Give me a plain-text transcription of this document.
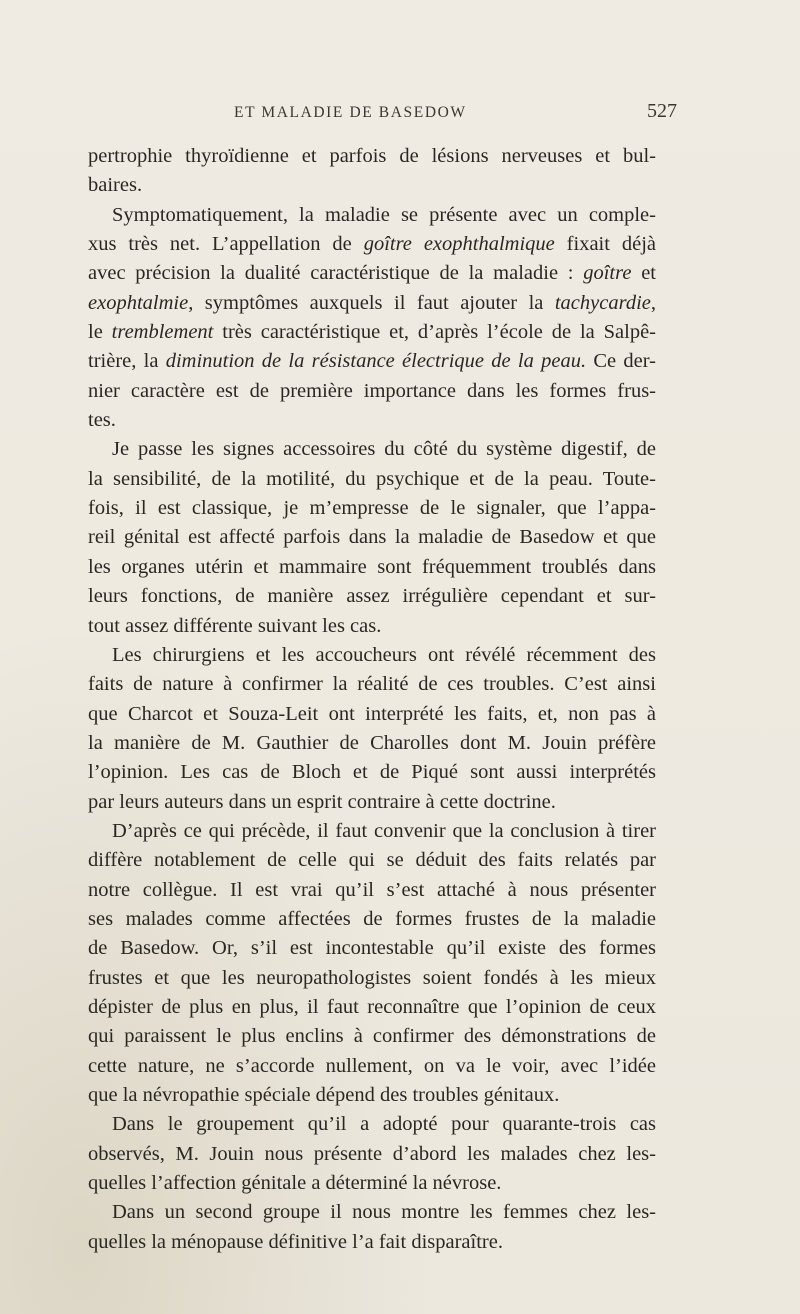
ET MALADIE DE BASEDOW	527
pertrophie thyroïdienne et parfois de lésions nerveuses et bul-
baires.
Symptomatiquement, la maladie se présente avec un comple-
xus très net. L’appellation de goître exophthalmique fixait déjà
avec précision la dualité caractéristique de la maladie : goître et
exophtalmie, symptômes auxquels il faut ajouter la tachycardie,
le tremblement très caractéristique et, d’après l’école de la Salpê-
trière, la diminution de la résistance électrique de la peau. Ce der-
nier caractère est de première importance dans les formes frus-
tes.
Je passe les signes accessoires du côté du système digestif, de
la sensibilité, de la motilité, du psychique et de la peau. Toute-
fois, il est classique, je m’empresse de le signaler, que l’appa-
reil génital est affecté parfois dans la maladie de Basedow et que
les organes utérin et mammaire sont fréquemment troublés dans
leurs fonctions, de manière assez irrégulière cependant et sur-
tout assez différente suivant les cas.
Les chirurgiens et les accoucheurs ont révélé récemment des
faits de nature à confirmer la réalité de ces troubles. C’est ainsi
que Charcot et Souza-Leit ont interprété les faits, et, non pas à
la manière de M. Gauthier de Charolles dont M. Jouin préfère
l’opinion. Les cas de Bloch et de Piqué sont aussi interprétés
par leurs auteurs dans un esprit contraire à cette doctrine.
D’après ce qui précède, il faut convenir que la conclusion à tirer
diffère notablement de celle qui se déduit des faits relatés par
notre collègue. Il est vrai qu’il s’est attaché à nous présenter
ses malades comme affectées de formes frustes de la maladie
de Basedow. Or, s’il est incontestable qu’il existe des formes
frustes et que les neuropathologistes soient fondés à les mieux
dépister de plus en plus, il faut reconnaître que l’opinion de ceux
qui paraissent le plus enclins à confirmer des démonstrations de
cette nature, ne s’accorde nullement, on va le voir, avec l’idée
que la névropathie spéciale dépend des troubles génitaux.
Dans le groupement qu’il a adopté pour quarante-trois cas
observés, M. Jouin nous présente d’abord les malades chez les-
quelles l’affection génitale a déterminé la névrose.
Dans un second groupe il nous montre les femmes chez les-
quelles la ménopause définitive l’a fait disparaître.
